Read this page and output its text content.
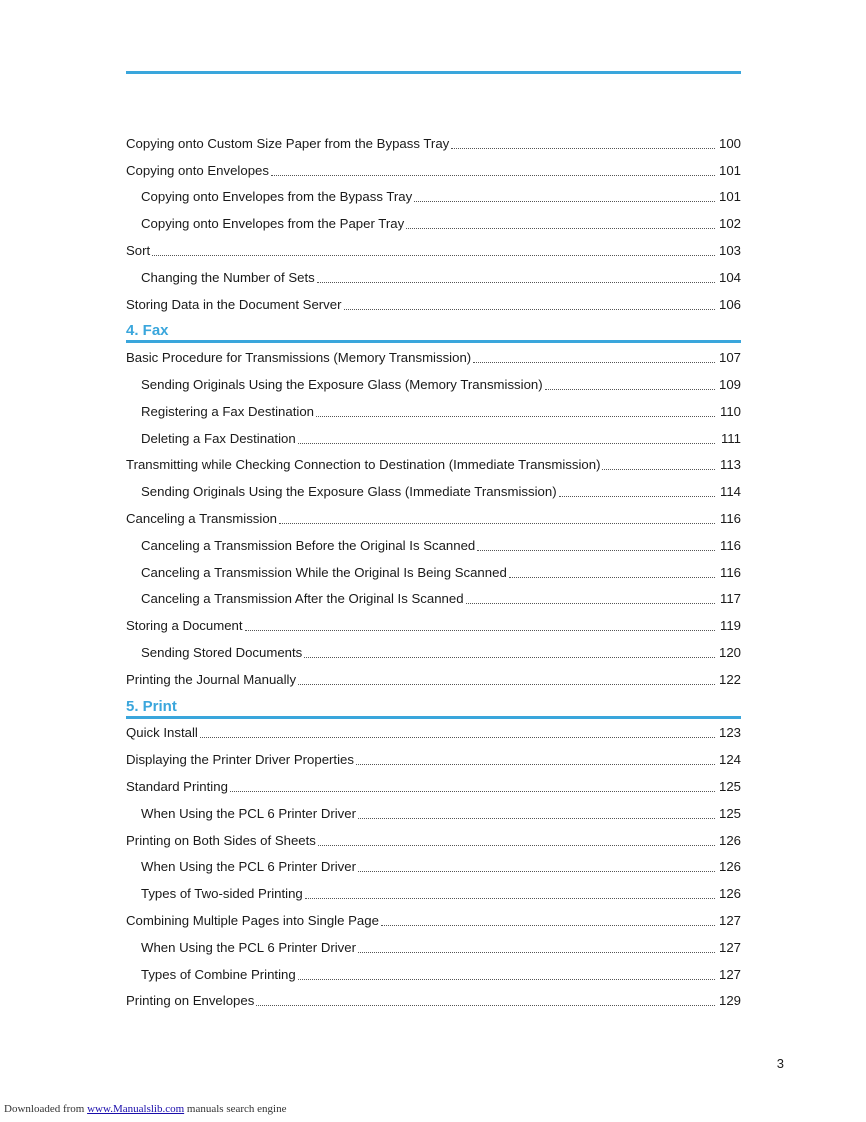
Copying onto Custom Size Paper from the Bypass Tray	100
Copying onto Envelopes	101
Copying onto Envelopes from the Bypass Tray	101
Copying onto Envelopes from the Paper Tray	102
Sort	103
Changing the Number of Sets	104
Storing Data in the Document Server	106
4. Fax
Basic Procedure for Transmissions (Memory Transmission)	107
Sending Originals Using the Exposure Glass (Memory Transmission)	109
Registering a Fax Destination	110
Deleting a Fax Destination	111
Transmitting while Checking Connection to Destination (Immediate Transmission)	113
Sending Originals Using the Exposure Glass (Immediate Transmission)	114
Canceling a Transmission	116
Canceling a Transmission Before the Original Is Scanned	116
Canceling a Transmission While the Original Is Being Scanned	116
Canceling a Transmission After the Original Is Scanned	117
Storing a Document	119
Sending Stored Documents	120
Printing the Journal Manually	122
5. Print
Quick Install	123
Displaying the Printer Driver Properties	124
Standard Printing	125
When Using the PCL 6 Printer Driver	125
Printing on Both Sides of Sheets	126
When Using the PCL 6 Printer Driver	126
Types of Two-sided Printing	126
Combining Multiple Pages into Single Page	127
When Using the PCL 6 Printer Driver	127
Types of Combine Printing	127
Printing on Envelopes	129
3
Downloaded from www.Manualslib.com manuals search engine
